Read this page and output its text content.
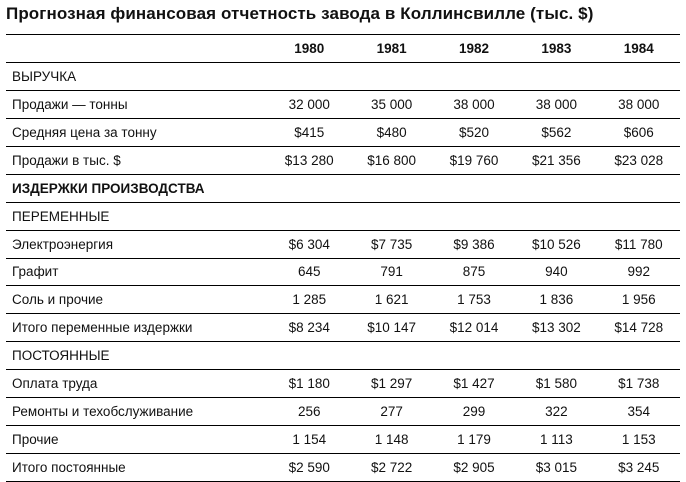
Прогнозная финансовая отчетность завода в Коллинсвилле (тыс. $)
	1980	1981	1982	1983	1984
ВЫРУЧКА					
Продажи — тонны	32 000	35 000	38 000	38 000	38 000
Средняя цена за тонну	$415	$480	$520	$562	$606
Продажи в тыс. $	$13 280	$16 800	$19 760	$21 356	$23 028
ИЗДЕРЖКИ ПРОИЗВОДСТВА					
ПЕРЕМЕННЫЕ					
Электроэнергия	$6 304	$7 735	$9 386	$10 526	$11 780
Графит	645	791	875	940	992
Соль и прочие	1 285	1 621	1 753	1 836	1 956
Итого переменные издержки	$8 234	$10 147	$12 014	$13 302	$14 728
ПОСТОЯННЫЕ					
Оплата труда	$1 180	$1 297	$1 427	$1 580	$1 738
Ремонты и техобслуживание	256	277	299	322	354
Прочие	1 154	1 148	1 179	1 113	1 153
Итого постоянные	$2 590	$2 722	$2 905	$3 015	$3 245
